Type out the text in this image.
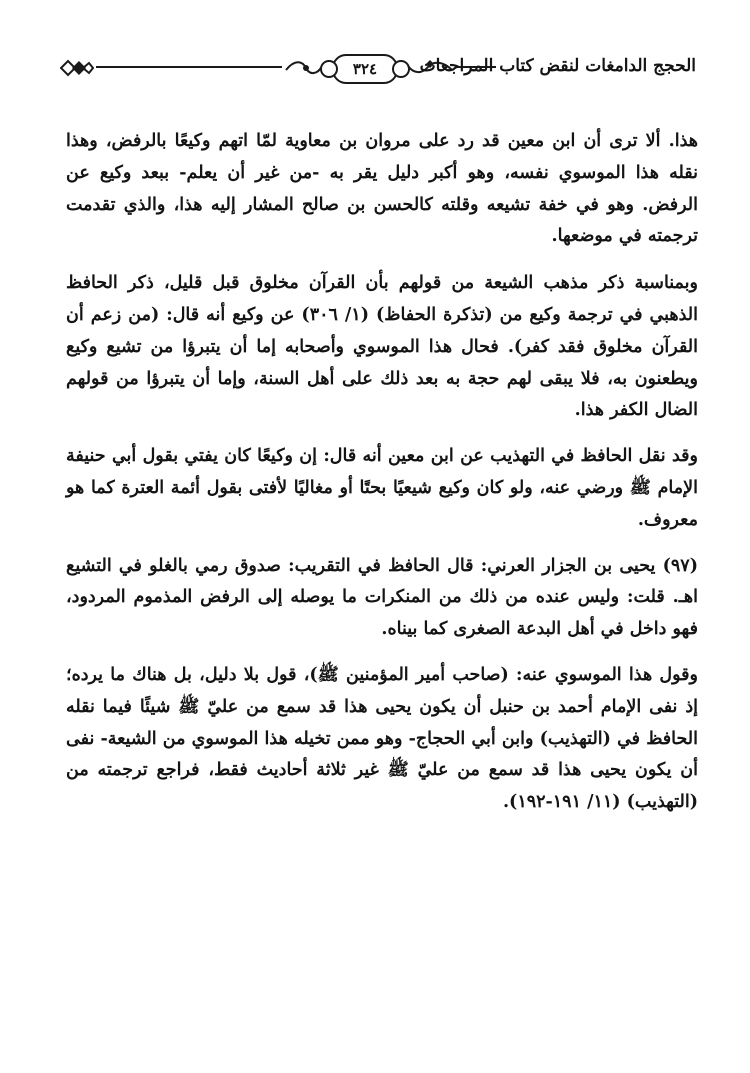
٣٢٤	الحجج الدامغات لنقض كتاب المراجعات

هذا. ألا ترى أن ابن معين قد رد على مروان بن معاوية لمّا اتهم وكيعًا بالرفض، وهذا نقله هذا الموسوي نفسه، وهو أكبر دليل يقر به -من غير أن يعلم- ببعد وكيع عن الرفض. وهو في خفة تشيعه وقلته كالحسن بن صالح المشار إليه هذا، والذي تقدمت ترجمته في موضعها.

وبمناسبة ذكر مذهب الشيعة من قولهم بأن القرآن مخلوق قبل قليل، ذكر الحافظ الذهبي في ترجمة وكيع من (تذكرة الحفاظ) (١/ ٣٠٦) عن وكيع أنه قال: (من زعم أن القرآن مخلوق فقد كفر). فحال هذا الموسوي وأصحابه إما أن يتبرؤا من تشيع وكيع ويطعنون به، فلا يبقى لهم حجة به بعد ذلك على أهل السنة، وإما أن يتبرؤا من قولهم الضال الكفر هذا.

وقد نقل الحافظ في التهذيب عن ابن معين أنه قال: إن وكيعًا كان يفتي بقول أبي حنيفة الإمام ﷺ ورضي عنه، ولو كان وكيع شيعيًا بحتًا أو مغاليًا لأفتى بقول أئمة العترة كما هو معروف.

(٩٧) يحيى بن الجزار العرني: قال الحافظ في التقريب: صدوق رمي بالغلو في التشيع اهـ. قلت: وليس عنده من ذلك من المنكرات ما يوصله إلى الرفض المذموم المردود، فهو داخل في أهل البدعة الصغرى كما بيناه.

وقول هذا الموسوي عنه: (صاحب أمير المؤمنين ﷺ)، قول بلا دليل، بل هناك ما يرده؛ إذ نفى الإمام أحمد بن حنبل أن يكون يحيى هذا قد سمع من عليّ ﷺ شيئًا فيما نقله الحافظ في (التهذيب) وابن أبي الحجاج- وهو ممن تخيله هذا الموسوي من الشيعة- نفى أن يكون يحيى هذا قد سمع من عليّ ﷺ غير ثلاثة أحاديث فقط، فراجع ترجمته من (التهذيب) (١١/ ١٩١-١٩٢).
